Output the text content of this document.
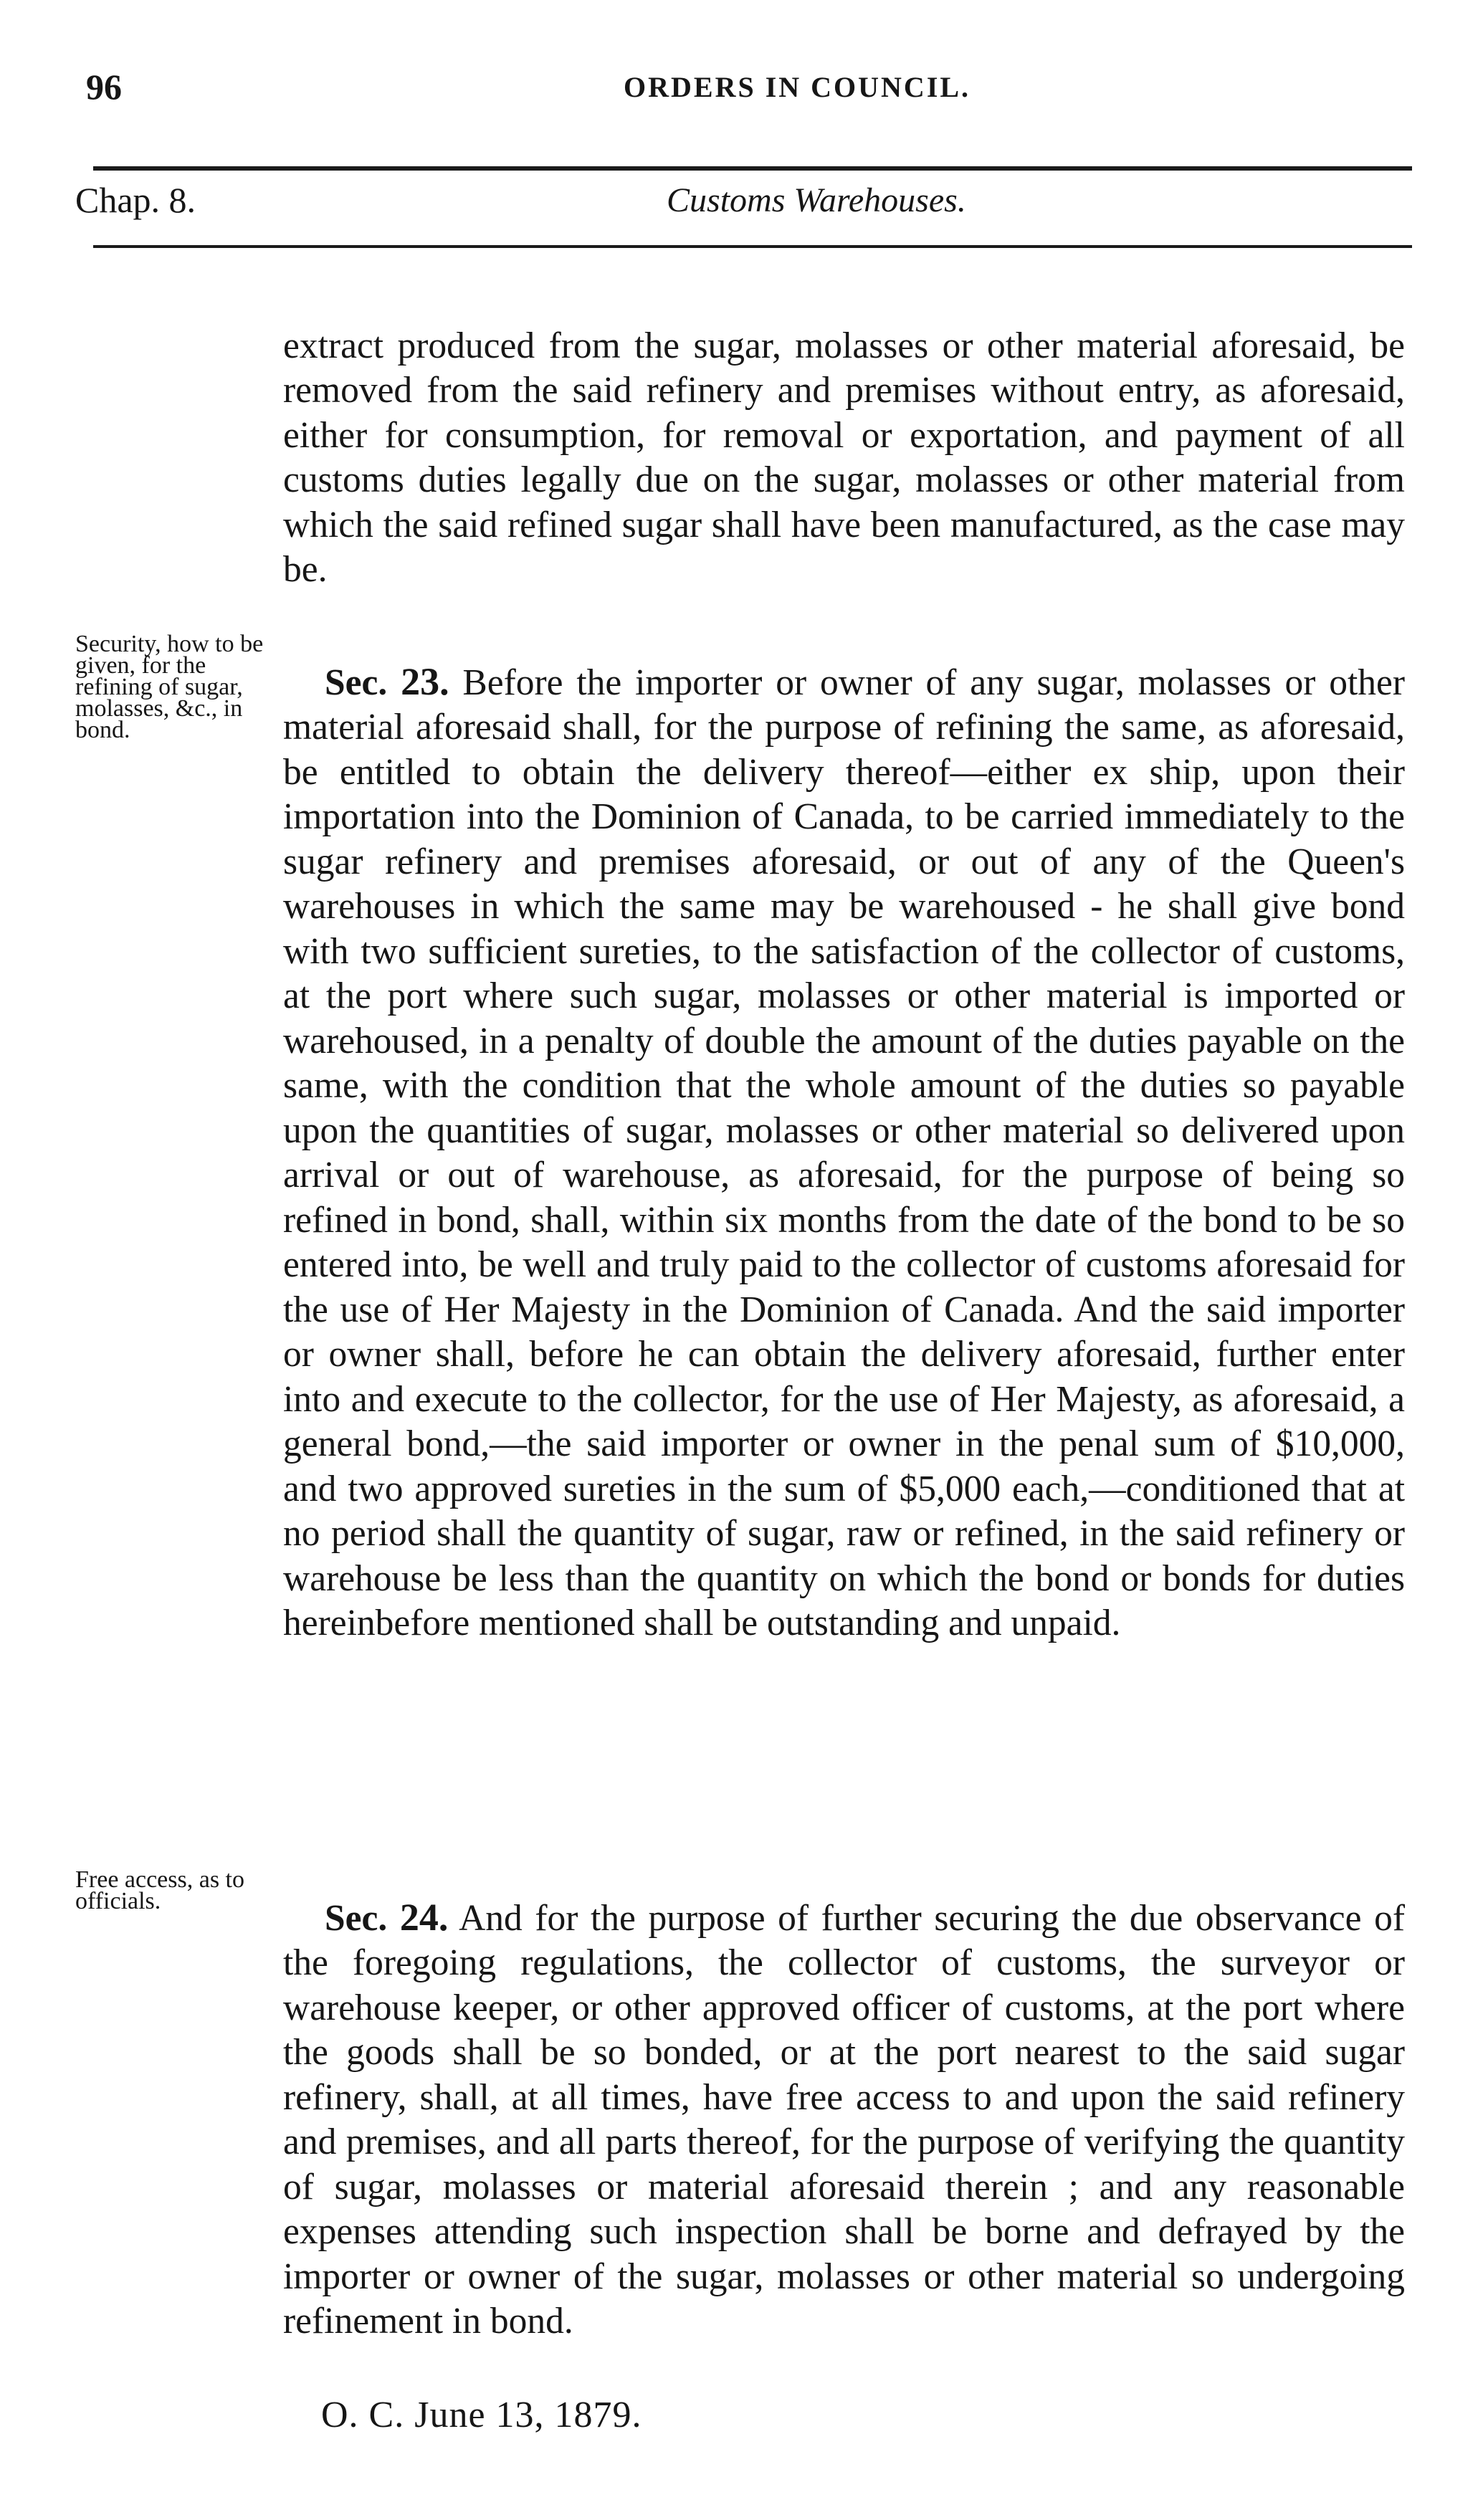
96	ORDERS IN COUNCIL.
Chap. 8.	Customs Warehouses.

extract produced from the sugar, molasses or other material aforesaid, be removed from the said refinery and premises without entry, as aforesaid, either for consumption, for removal or exportation, and payment of all customs duties legally due on the sugar, molasses or other material from which the said refined sugar shall have been manufactured, as the case may be.

Security, how to be given, for the refining of sugar, molasses, &c., in bond.

Sec. 23. Before the importer or owner of any sugar, molasses or other material aforesaid shall, for the purpose of refining the same, as aforesaid, be entitled to obtain the delivery thereof—either ex ship, upon their importation into the Dominion of Canada, to be carried immediately to the sugar refinery and premises aforesaid, or out of any of the Queen's warehouses in which the same may be warehoused - he shall give bond with two sufficient sureties, to the satisfaction of the collector of customs, at the port where such sugar, molasses or other material is imported or warehoused, in a penalty of double the amount of the duties payable on the same, with the condition that the whole amount of the duties so payable upon the quantities of sugar, molasses or other material so delivered upon arrival or out of warehouse, as aforesaid, for the purpose of being so refined in bond, shall, within six months from the date of the bond to be so entered into, be well and truly paid to the collector of customs aforesaid for the use of Her Majesty in the Dominion of Canada. And the said importer or owner shall, before he can obtain the delivery aforesaid, further enter into and execute to the collector, for the use of Her Majesty, as aforesaid, a general bond,—the said importer or owner in the penal sum of $10,000, and two approved sureties in the sum of $5,000 each,—conditioned that at no period shall the quantity of sugar, raw or refined, in the said refinery or warehouse be less than the quantity on which the bond or bonds for duties hereinbefore mentioned shall be outstanding and unpaid.

Free access, as to officials.	Sec. 24. And for the purpose of further securing the due observance of the foregoing regulations, the collector of customs, the surveyor or warehouse keeper, or other approved officer of customs, at the port where the goods shall be so bonded, or at the port nearest to the said sugar refinery, shall, at all times, have free access to and upon the said refinery and premises, and all parts thereof, for the purpose of verifying the quantity of sugar, molasses or material aforesaid therein ; and any reasonable expenses attending such inspection shall be borne and defrayed by the importer or owner of the sugar, molasses or other material so undergoing refinement in bond.

O. C. June 13, 1879.
